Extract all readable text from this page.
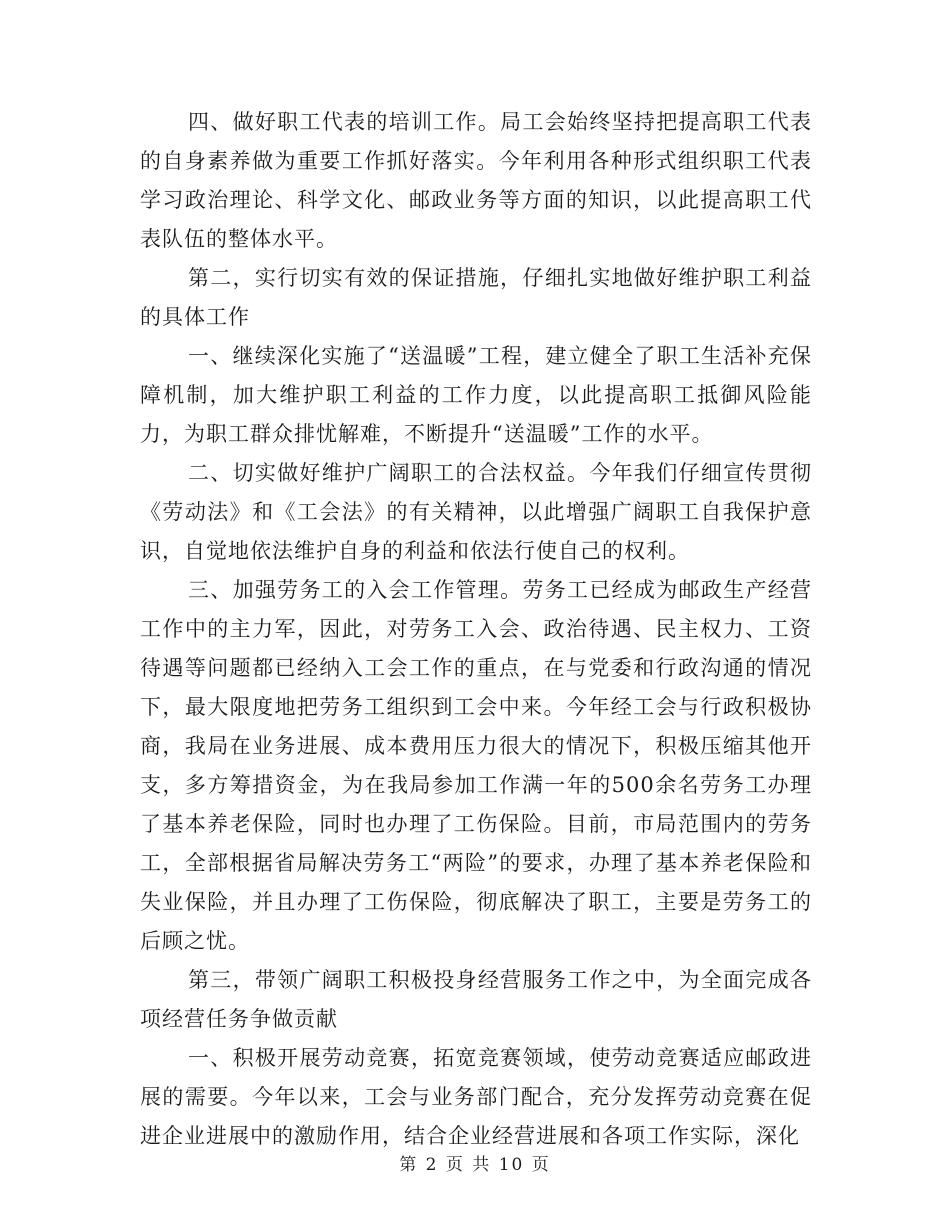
四、做好职工代表的培训工作。局工会始终坚持把提高职工代表的自身素养做为重要工作抓好落实。今年利用各种形式组织职工代表学习政治理论、科学文化、邮政业务等方面的知识，以此提高职工代表队伍的整体水平。

第二，实行切实有效的保证措施，仔细扎实地做好维护职工利益的具体工作

一、继续深化实施了“送温暖”工程，建立健全了职工生活补充保障机制，加大维护职工利益的工作力度，以此提高职工抵御风险能力，为职工群众排忧解难，不断提升“送温暖”工作的水平。

二、切实做好维护广阔职工的合法权益。今年我们仔细宣传贯彻《劳动法》和《工会法》的有关精神，以此增强广阔职工自我保护意识，自觉地依法维护自身的利益和依法行使自己的权利。

三、加强劳务工的入会工作管理。劳务工已经成为邮政生产经营工作中的主力军，因此，对劳务工入会、政治待遇、民主权力、工资待遇等问题都已经纳入工会工作的重点，在与党委和行政沟通的情况下，最大限度地把劳务工组织到工会中来。今年经工会与行政积极协商，我局在业务进展、成本费用压力很大的情况下，积极压缩其他开支，多方筹措资金，为在我局参加工作满一年的500余名劳务工办理了基本养老保险，同时也办理了工伤保险。目前，市局范围内的劳务工，全部根据省局解决劳务工“两险”的要求，办理了基本养老保险和失业保险，并且办理了工伤保险，彻底解决了职工，主要是劳务工的后顾之忧。

第三，带领广阔职工积极投身经营服务工作之中，为全面完成各项经营任务争做贡献

一、积极开展劳动竞赛，拓宽竞赛领域，使劳动竞赛适应邮政进展的需要。今年以来，工会与业务部门配合，充分发挥劳动竞赛在促进企业进展中的激励作用，结合企业经营进展和各项工作实际，深化

第 2 页 共 10 页
